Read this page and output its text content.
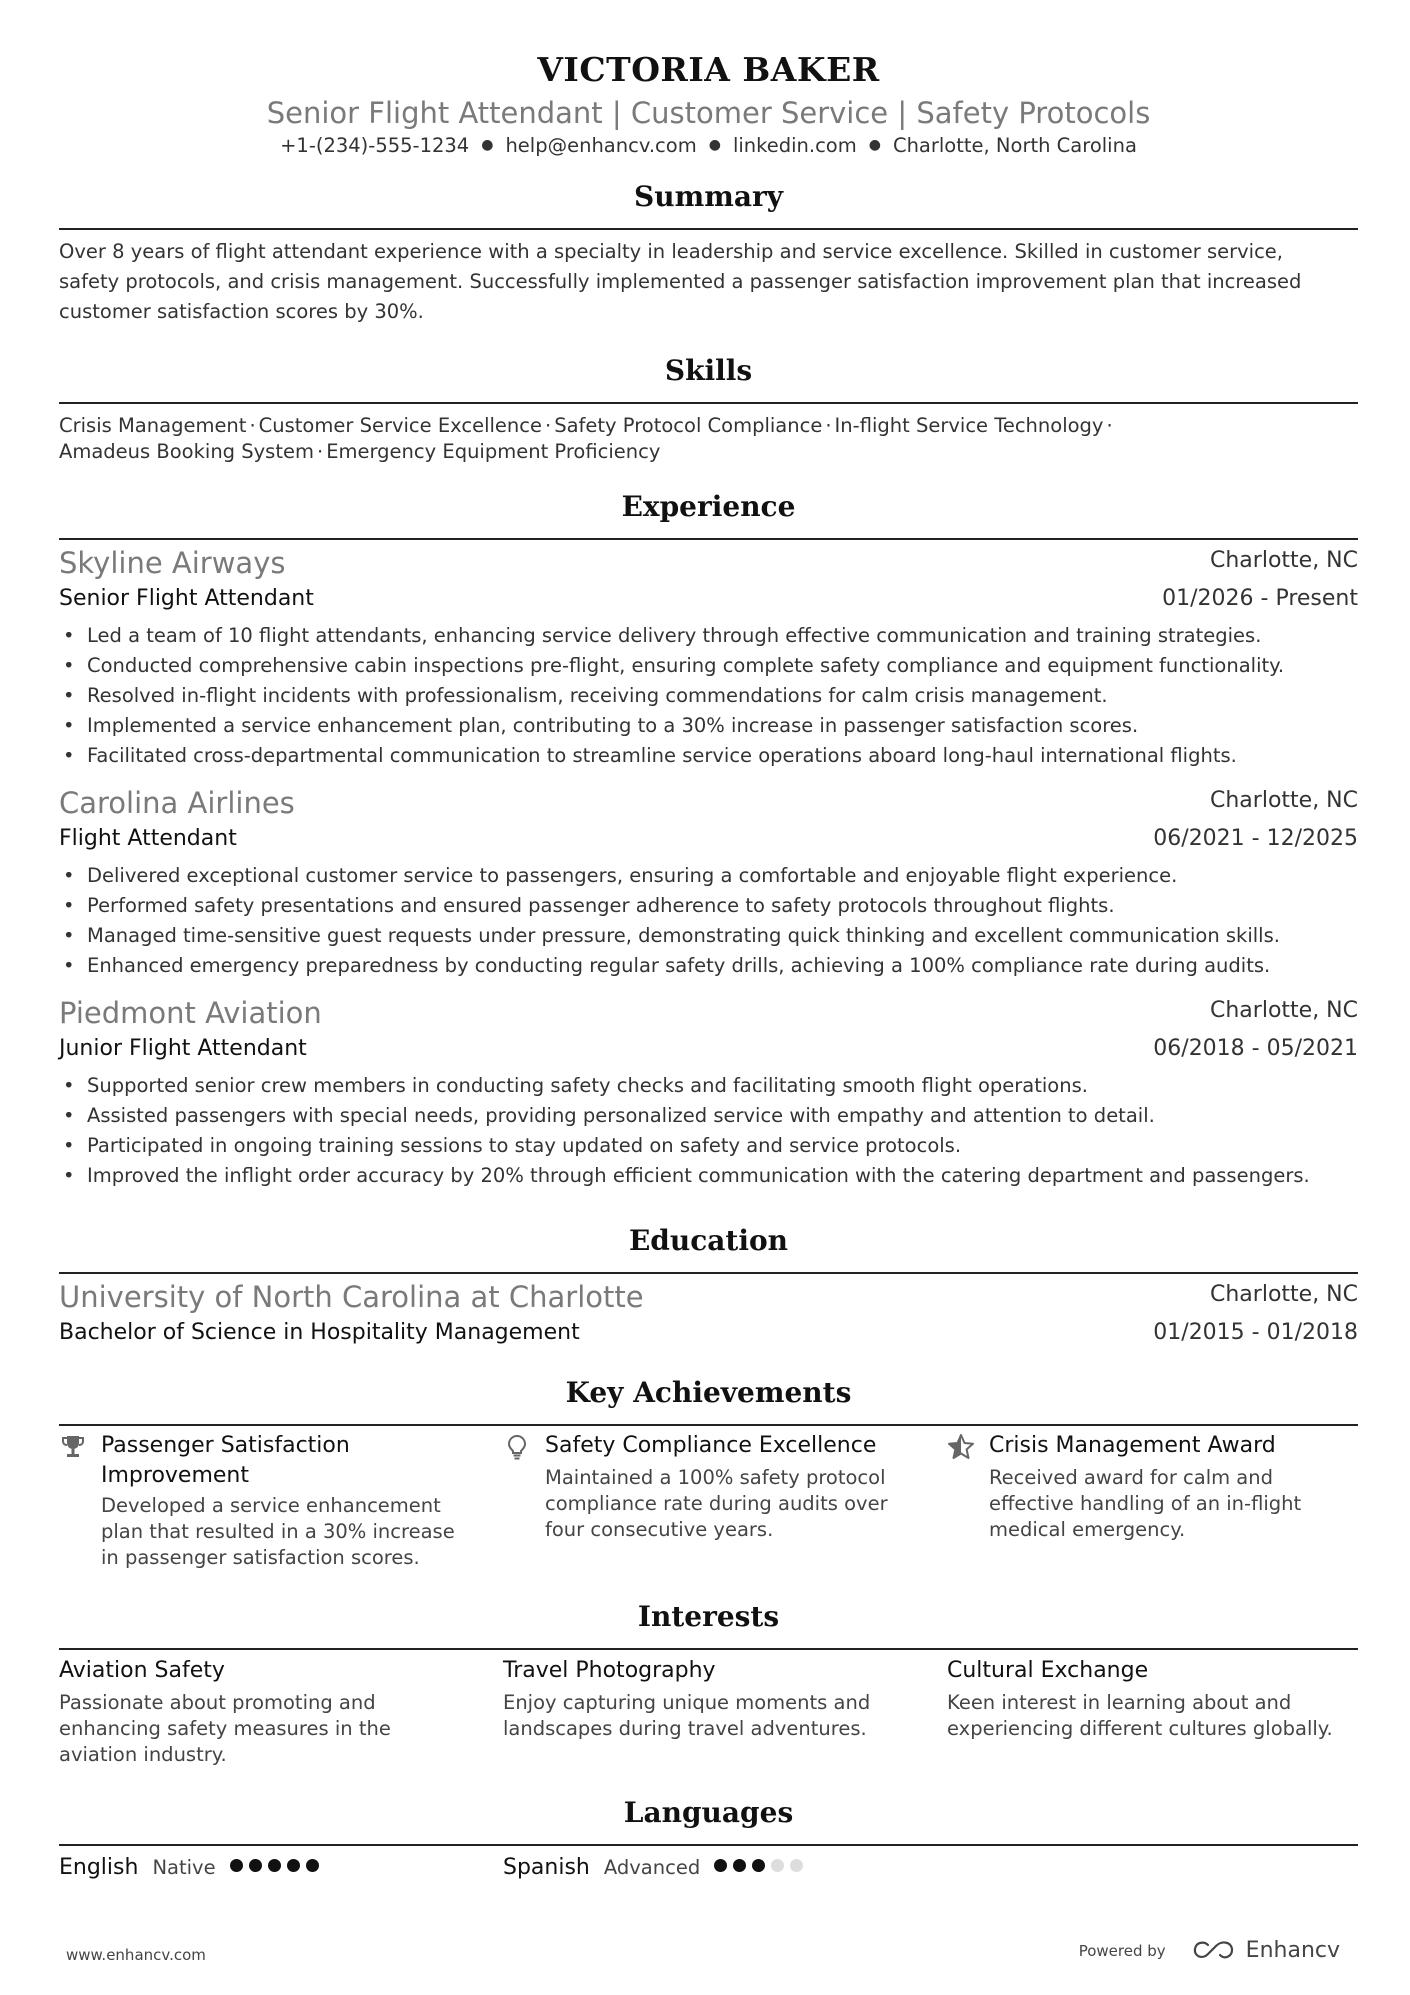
VICTORIA BAKER
Senior Flight Attendant | Customer Service | Safety Protocols
+1-(234)-555-1234 ● help@enhancv.com ● linkedin.com ● Charlotte, North Carolina
Summary
Over 8 years of flight attendant experience with a specialty in leadership and service excellence. Skilled in customer service,
safety protocols, and crisis management. Successfully implemented a passenger satisfaction improvement plan that increased
customer satisfaction scores by 30%.
Skills
Crisis Management · Customer Service Excellence · Safety Protocol Compliance · In-flight Service Technology ·
Amadeus Booking System · Emergency Equipment Proficiency
Experience
Skyline Airways	Charlotte, NC
Senior Flight Attendant	01/2026 - Present
• Led a team of 10 flight attendants, enhancing service delivery through effective communication and training strategies.
• Conducted comprehensive cabin inspections pre-flight, ensuring complete safety compliance and equipment functionality.
• Resolved in-flight incidents with professionalism, receiving commendations for calm crisis management.
• Implemented a service enhancement plan, contributing to a 30% increase in passenger satisfaction scores.
• Facilitated cross-departmental communication to streamline service operations aboard long-haul international flights.
Carolina Airlines	Charlotte, NC
Flight Attendant	06/2021 - 12/2025
• Delivered exceptional customer service to passengers, ensuring a comfortable and enjoyable flight experience.
• Performed safety presentations and ensured passenger adherence to safety protocols throughout flights.
• Managed time-sensitive guest requests under pressure, demonstrating quick thinking and excellent communication skills.
• Enhanced emergency preparedness by conducting regular safety drills, achieving a 100% compliance rate during audits.
Piedmont Aviation	Charlotte, NC
Junior Flight Attendant	06/2018 - 05/2021
• Supported senior crew members in conducting safety checks and facilitating smooth flight operations.
• Assisted passengers with special needs, providing personalized service with empathy and attention to detail.
• Participated in ongoing training sessions to stay updated on safety and service protocols.
• Improved the inflight order accuracy by 20% through efficient communication with the catering department and passengers.
Education
University of North Carolina at Charlotte	Charlotte, NC
Bachelor of Science in Hospitality Management	01/2015 - 01/2018
Key Achievements
Passenger Satisfaction
Improvement
Developed a service enhancement
plan that resulted in a 30% increase
in passenger satisfaction scores.
Safety Compliance Excellence
Maintained a 100% safety protocol
compliance rate during audits over
four consecutive years.
Crisis Management Award
Received award for calm and
effective handling of an in-flight
medical emergency.
Interests
Aviation Safety
Passionate about promoting and
enhancing safety measures in the
aviation industry.
Travel Photography
Enjoy capturing unique moments and
landscapes during travel adventures.
Cultural Exchange
Keen interest in learning about and
experiencing different cultures globally.
Languages
English Native	Spanish Advanced
www.enhancv.com	Powered by	Enhancv
